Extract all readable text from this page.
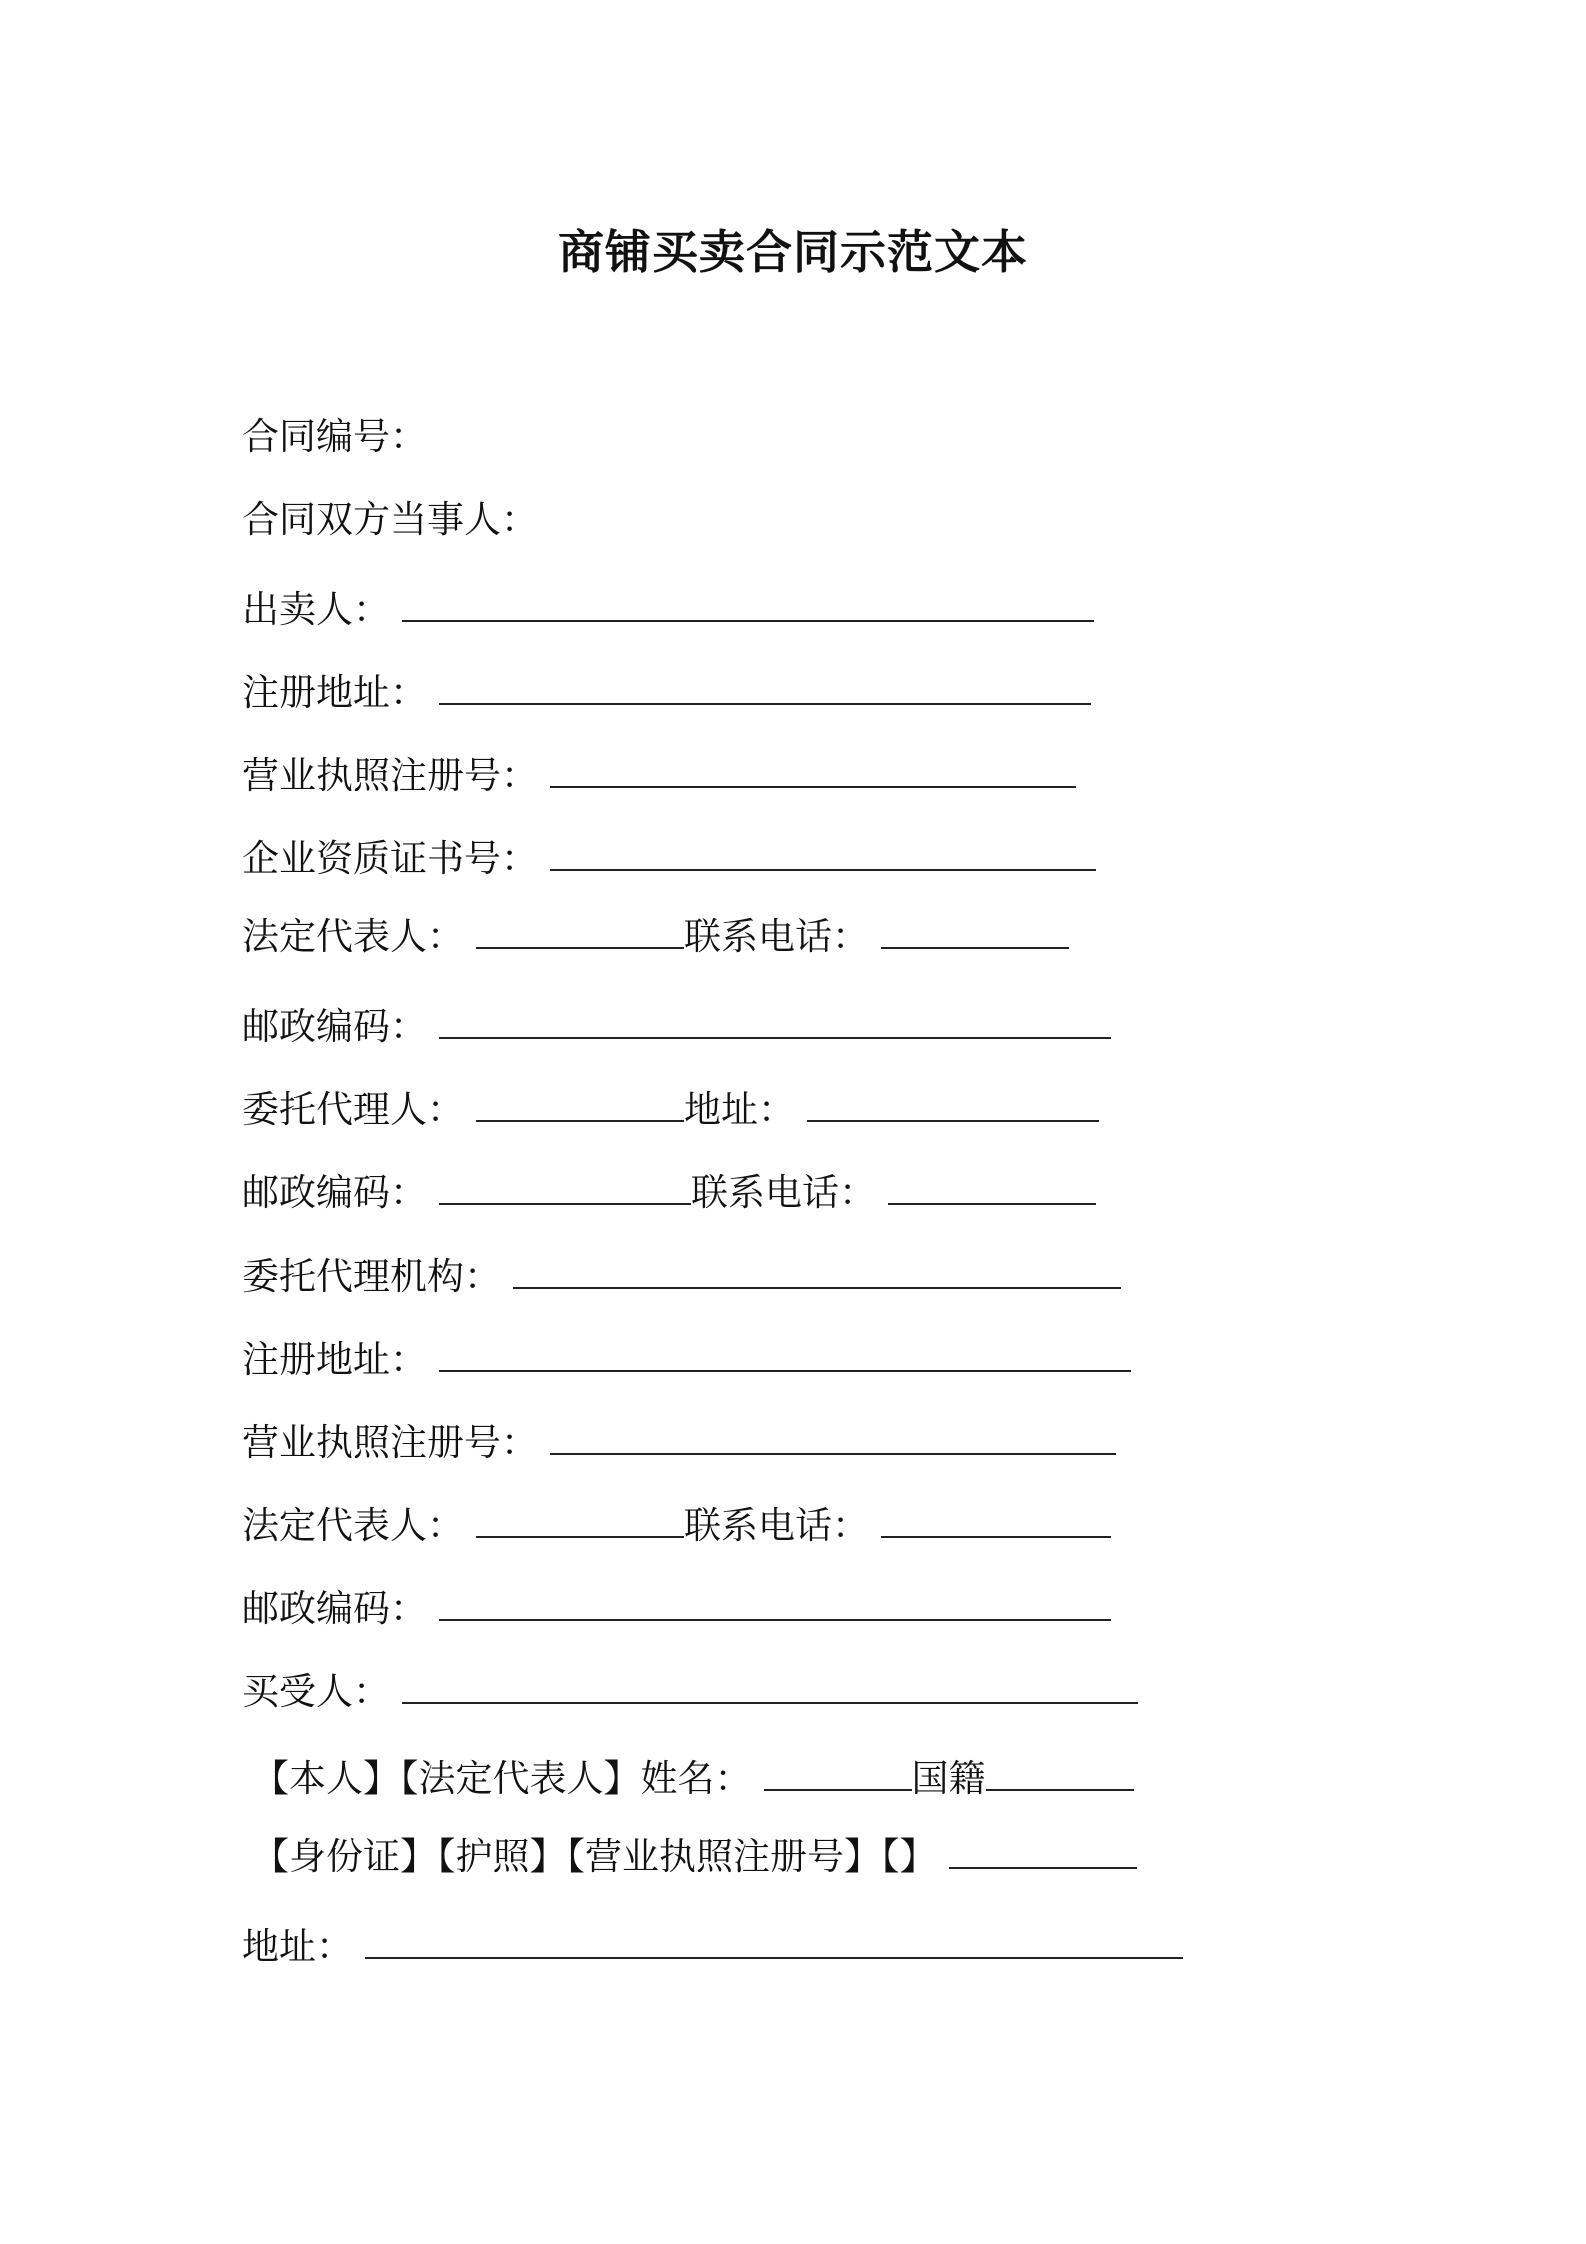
商铺买卖合同示范文本
合同编号：
合同双方当事人：
出卖人：
注册地址：
营业执照注册号：
企业资质证书号：
法定代表人：	联系电话：
邮政编码：
委托代理人：	地址：
邮政编码：	联系电话：
委托代理机构：
注册地址：
营业执照注册号：
法定代表人：	联系电话：
邮政编码：
买受人：
【本人】【法定代表人】姓名：	国籍
【身份证】【护照】【营业执照注册号】【】
地址：
